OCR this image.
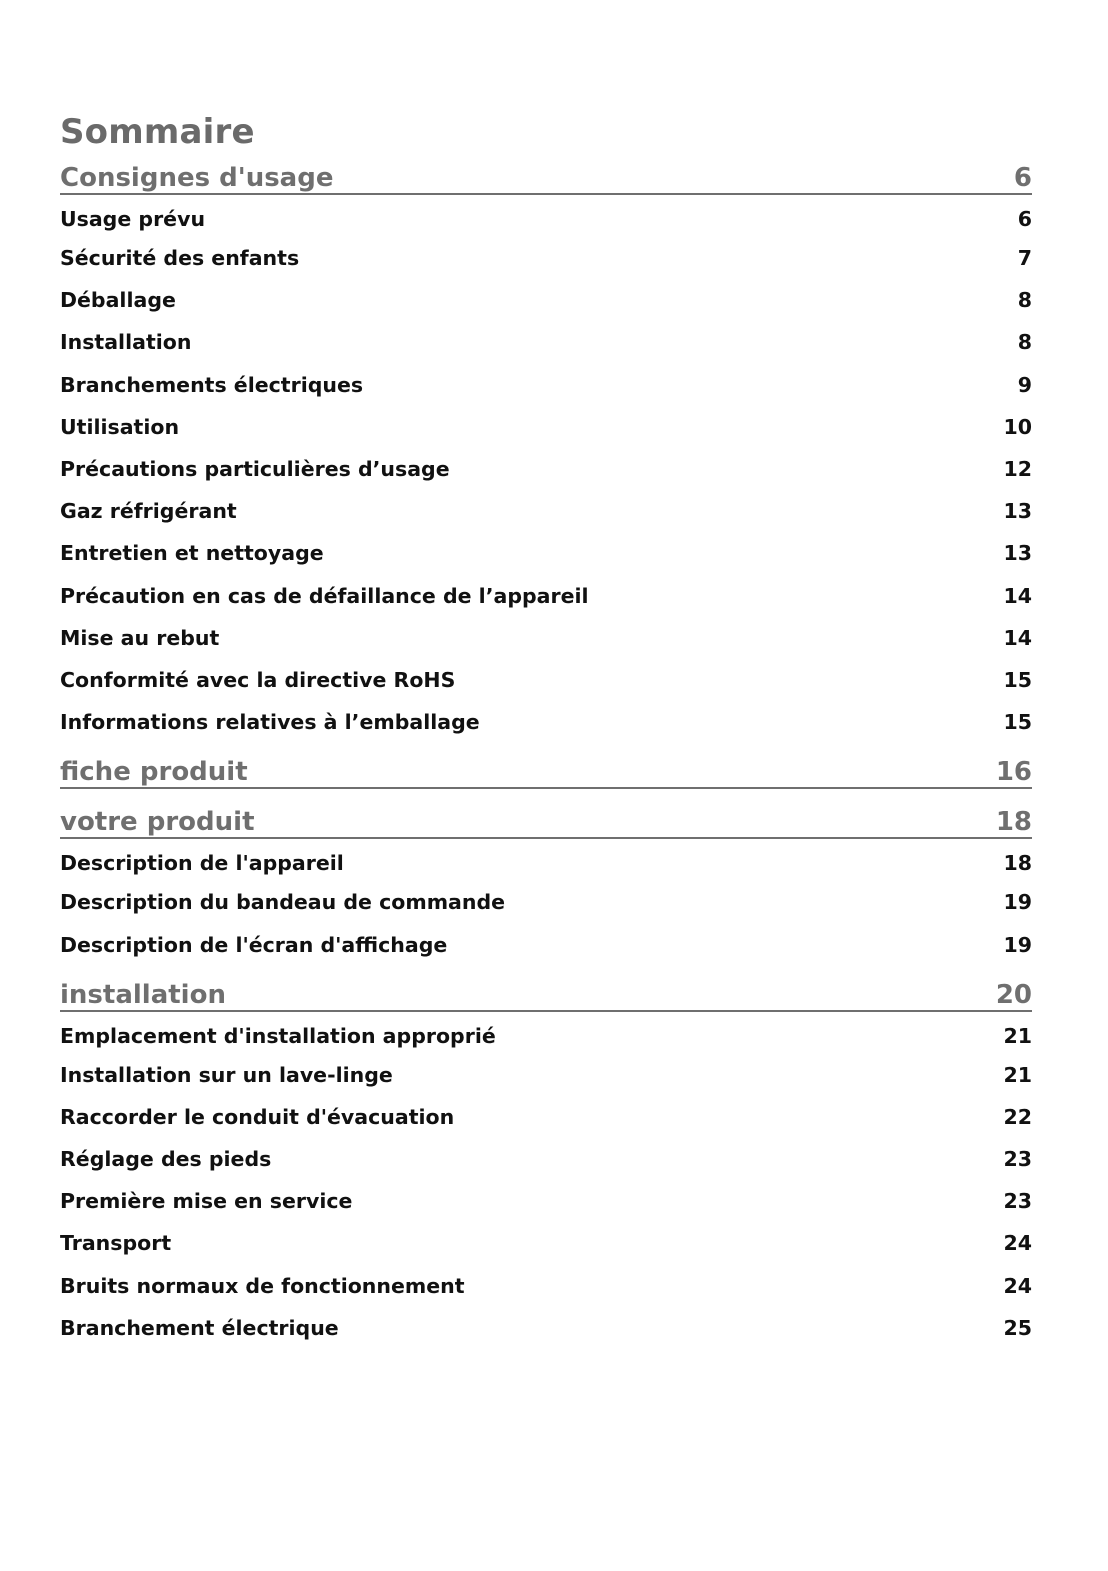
Sommaire
Consignes d'usage	6
Usage prévu	6
Sécurité des enfants	7
Déballage	8
Installation	8
Branchements électriques	9
Utilisation	10
Précautions particulières d’usage	12
Gaz réfrigérant	13
Entretien et nettoyage	13
Précaution en cas de défaillance de l’appareil	14
Mise au rebut	14
Conformité avec la directive RoHS	15
Informations relatives à l’emballage	15
fiche produit	16
votre produit	18
Description de l'appareil	18
Description du bandeau de commande	19
Description de l'écran d'affichage	19
installation	20
Emplacement d'installation approprié	21
Installation sur un lave-linge	21
Raccorder le conduit d'évacuation	22
Réglage des pieds	23
Première mise en service	23
Transport	24
Bruits normaux de fonctionnement	24
Branchement électrique	25
